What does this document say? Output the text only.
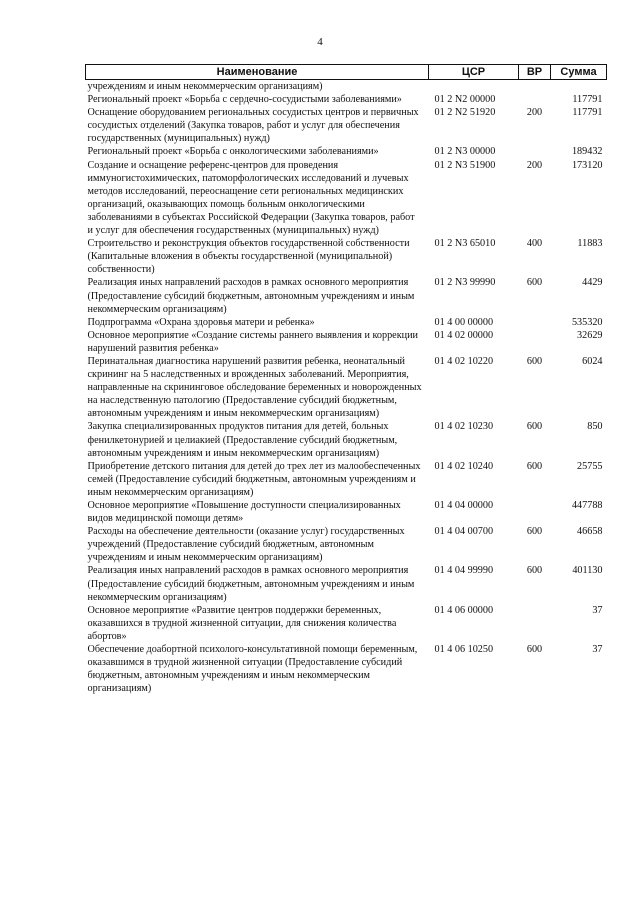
4
Наименование	ЦСР	ВР	Сумма
учреждениям и иным некоммерческим организациям)			
Региональный проект «Борьба с сердечно-сосудистыми заболеваниями»	01 2 N2 00000		117791
Оснащение оборудованием региональных сосудистых центров и первичных сосудистых отделений (Закупка товаров, работ и услуг для обеспечения государственных (муниципальных) нужд)	01 2 N2 51920	200	117791
Региональный проект «Борьба с онкологическими заболеваниями»	01 2 N3 00000		189432
Создание и оснащение референс-центров для проведения иммуногистохимических, патоморфологических исследований и лучевых методов исследований, переоснащение сети региональных медицинских организаций, оказывающих помощь больным онкологическими заболеваниями в субъектах Российской Федерации (Закупка товаров, работ и услуг для обеспечения государственных (муниципальных) нужд)	01 2 N3 51900	200	173120
Строительство и реконструкция объектов государственной собственности (Капитальные вложения в объекты государственной (муниципальной) собственности)	01 2 N3 65010	400	11883
Реализация иных направлений расходов в рамках основного мероприятия (Предоставление субсидий бюджетным, автономным учреждениям и иным некоммерческим организациям)	01 2 N3 99990	600	4429
Подпрограмма «Охрана здоровья матери и ребенка»	01 4 00 00000		535320
Основное мероприятие «Создание системы раннего выявления и коррекции нарушений развития ребенка»	01 4 02 00000		32629
Перинатальная диагностика нарушений развития ребенка, неонатальный скрининг на 5 наследственных и врожденных заболеваний. Мероприятия, направленные на скрининговое обследование беременных и новорожденных на наследственную патологию (Предоставление субсидий бюджетным, автономным учреждениям и иным некоммерческим организациям)	01 4 02 10220	600	6024
Закупка специализированных продуктов питания для детей, больных фенилкетонурией и целиакией (Предоставление субсидий бюджетным, автономным учреждениям и иным некоммерческим организациям)	01 4 02 10230	600	850
Приобретение детского питания для детей до трех лет из малообеспеченных семей (Предоставление субсидий бюджетным, автономным учреждениям и иным некоммерческим организациям)	01 4 02 10240	600	25755
Основное мероприятие «Повышение доступности специализированных видов медицинской помощи детям»	01 4 04 00000		447788
Расходы на обеспечение деятельности (оказание услуг) государственных учреждений (Предоставление субсидий бюджетным, автономным учреждениям и иным некоммерческим организациям)	01 4 04 00700	600	46658
Реализация иных направлений расходов в рамках основного мероприятия (Предоставление субсидий бюджетным, автономным учреждениям и иным некоммерческим организациям)	01 4 04 99990	600	401130
Основное мероприятие «Развитие центров поддержки беременных, оказавшихся в трудной жизненной ситуации, для снижения количества абортов»	01 4 06 00000		37
Обеспечение доабортной психолого-консультативной помощи беременным, оказавшимся в трудной жизненной ситуации (Предоставление субсидий бюджетным, автономным учреждениям и иным некоммерческим организациям)	01 4 06 10250	600	37
